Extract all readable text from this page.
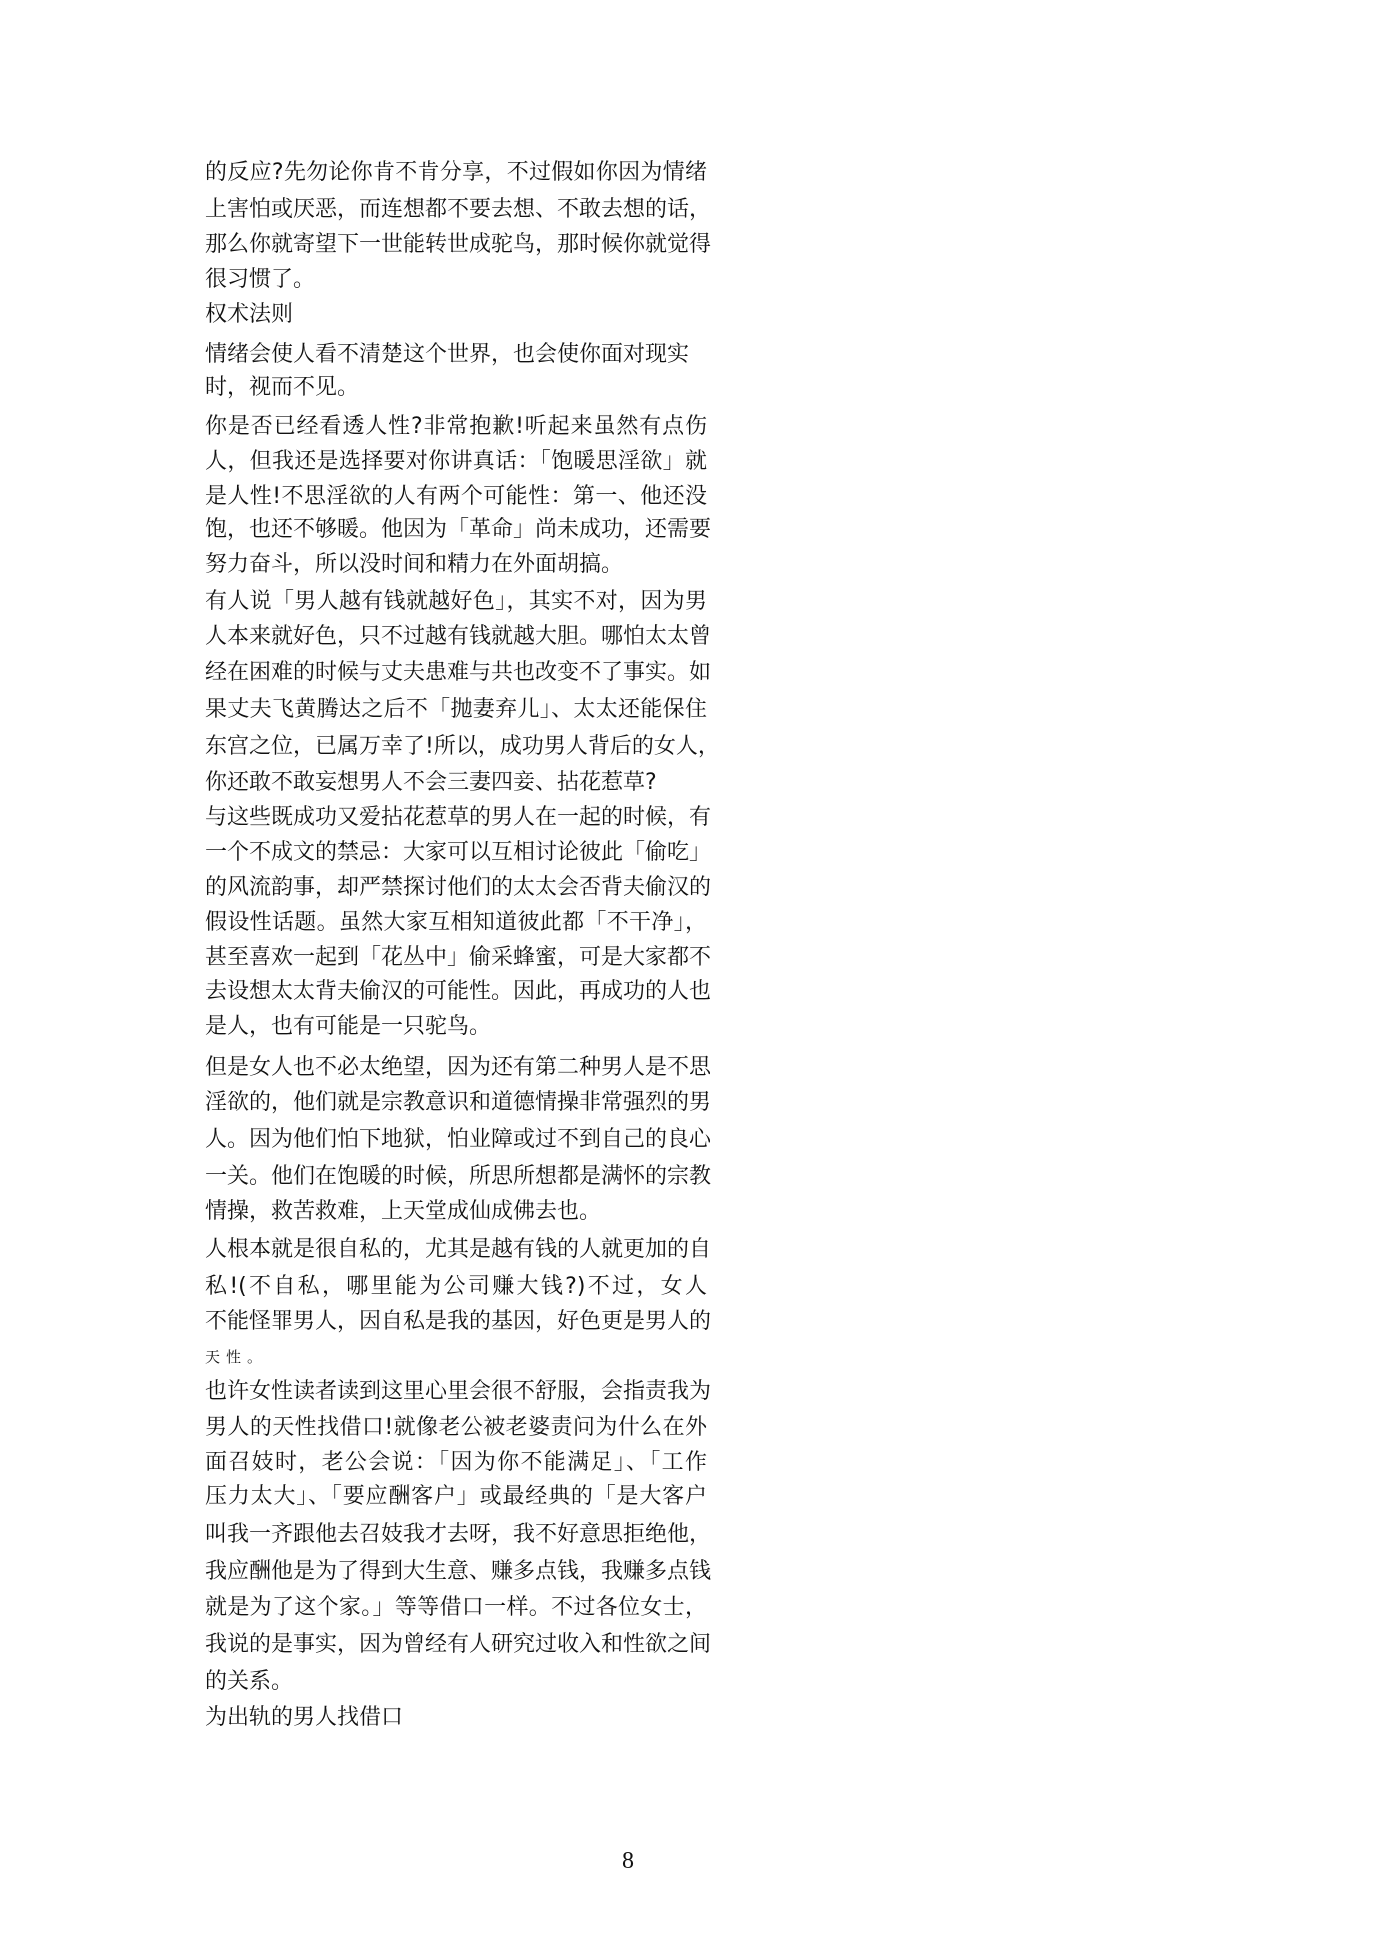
的反应?先勿论你肯不肯分享，不过假如你因为情绪
上害怕或厌恶，而连想都不要去想、不敢去想的话，
那么你就寄望下一世能转世成驼鸟，那时候你就觉得
很习惯了。
权术法则
情绪会使人看不清楚这个世界，也会使你面对现实
时，视而不见。
你是否已经看透人性?非常抱歉!听起来虽然有点伤
人，但我还是选择要对你讲真话：「饱暖思淫欲」就
是人性!不思淫欲的人有两个可能性：第一、他还没
饱，也还不够暖。他因为「革命」尚未成功，还需要
努力奋斗，所以没时间和精力在外面胡搞。
有人说「男人越有钱就越好色」，其实不对，因为男
人本来就好色，只不过越有钱就越大胆。哪怕太太曾
经在困难的时候与丈夫患难与共也改变不了事实。如
果丈夫飞黄腾达之后不「抛妻弃儿」、太太还能保住
东宫之位，已属万幸了!所以，成功男人背后的女人，
你还敢不敢妄想男人不会三妻四妾、拈花惹草?
与这些既成功又爱拈花惹草的男人在一起的时候，有
一个不成文的禁忌：大家可以互相讨论彼此「偷吃」
的风流韵事，却严禁探讨他们的太太会否背夫偷汉的
假设性话题。虽然大家互相知道彼此都「不干净」，
甚至喜欢一起到「花丛中」偷采蜂蜜，可是大家都不
去设想太太背夫偷汉的可能性。因此，再成功的人也
是人，也有可能是一只驼鸟。
但是女人也不必太绝望，因为还有第二种男人是不思
淫欲的，他们就是宗教意识和道德情操非常强烈的男
人。因为他们怕下地狱，怕业障或过不到自己的良心
一关。他们在饱暖的时候，所思所想都是满怀的宗教
情操，救苦救难，上天堂成仙成佛去也。
人根本就是很自私的，尤其是越有钱的人就更加的自
私!(不自私，哪里能为公司赚大钱?)不过，女人
不能怪罪男人，因自私是我的基因，好色更是男人的
天性。
也许女性读者读到这里心里会很不舒服，会指责我为
男人的天性找借口!就像老公被老婆责问为什么在外
面召妓时，老公会说：「因为你不能满足」、「工作
压力太大」、「要应酬客户」或最经典的「是大客户
叫我一齐跟他去召妓我才去呀，我不好意思拒绝他，
我应酬他是为了得到大生意、赚多点钱，我赚多点钱
就是为了这个家。」等等借口一样。不过各位女士，
我说的是事实，因为曾经有人研究过收入和性欲之间
的关系。
为出轨的男人找借口
8
